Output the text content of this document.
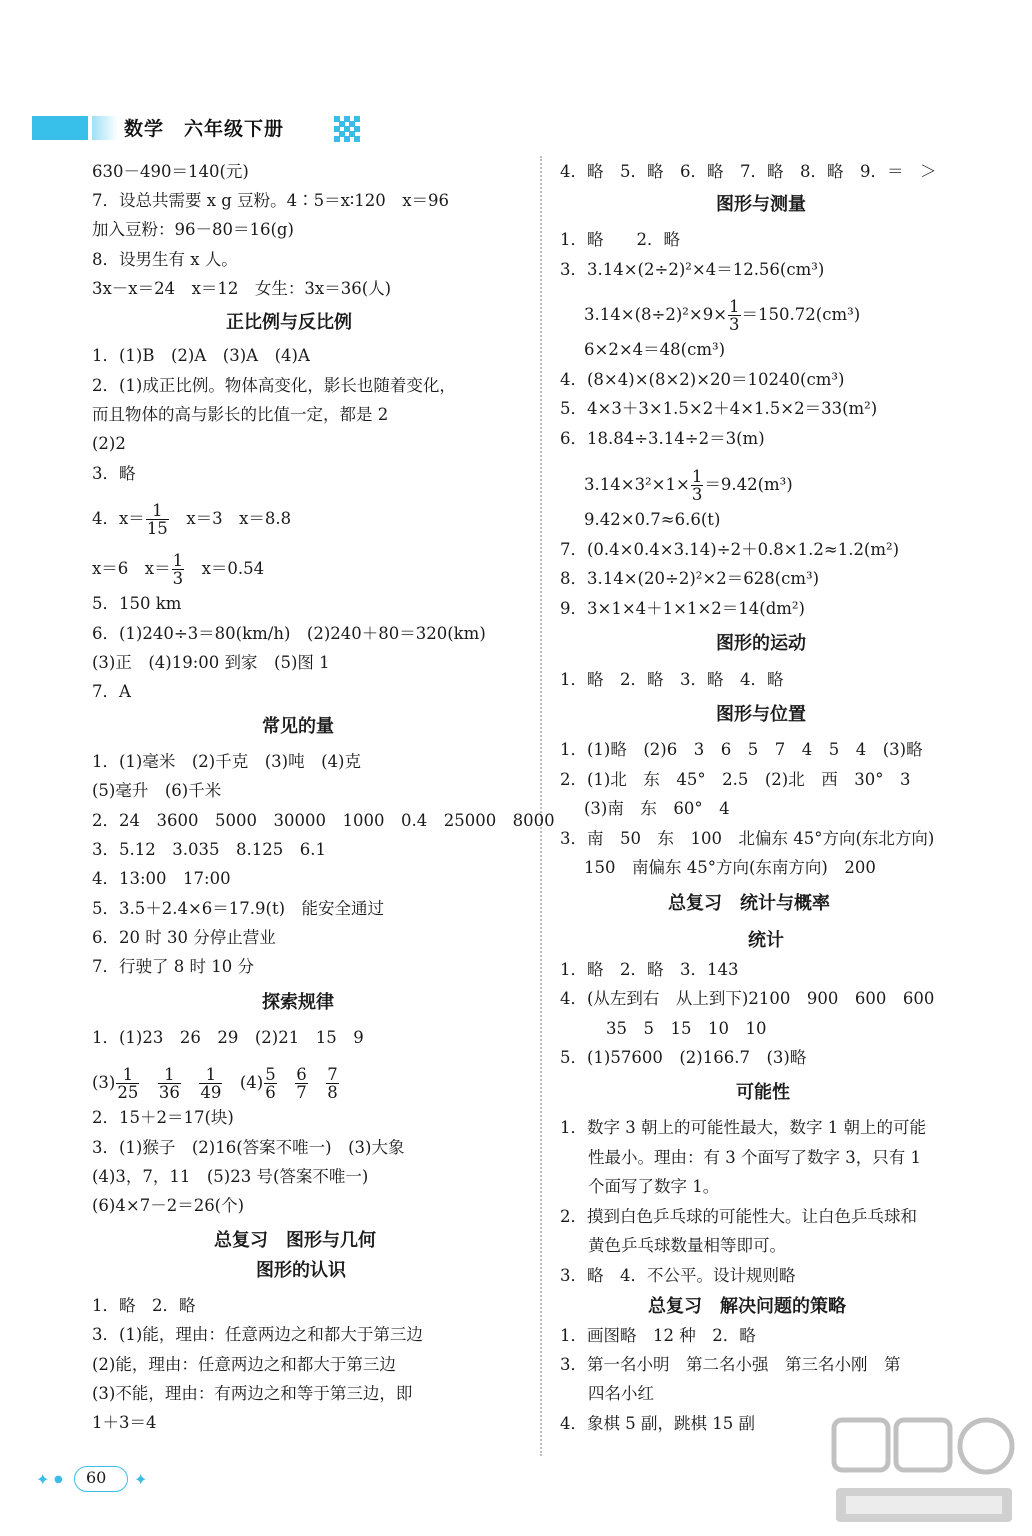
数学　六年级下册
630－490＝140(元)
7．设总共需要 x g 豆粉。4∶5＝x∶120　x＝96
加入豆粉：96－80＝16(g)
8．设男生有 x 人。
3x－x＝24　x＝12　女生：3x＝36(人)
正比例与反比例
1．(1)B　(2)A　(3)A　(4)A
2．(1)成正比例。物体高变化，影长也随着变化，
而且物体的高与影长的比值一定，都是 2
(2)2
3．略
4．$x= \frac{1}{15}$ 　x＝3　x＝8.8
x＝6　$x= \frac{1}{3}$ 　x＝0.54
5．150 km
6．(1)240÷3＝80(km/h)　(2)240＋80＝320(km)
(3)正　(4)19:00 到家　(5)图 1
7．A
常见的量
1．(1)毫米　(2)千克　(3)吨　(4)克
(5)毫升　(6)千米
2．24　3600　5000　30000　1000　0.4　25000　8000
3．5.12　3.035　8.125　6.1
4．13:00　17:00
5．3.5＋2.4×6＝17.9(t)　能安全通过
6．20 时 30 分停止营业
7．行驶了 8 时 10 分
探索规律
1．(1)23　26　29　(2)21　15　9
$(3) \frac{1}{25}$
　 $\frac{1}{36}$
　 $\frac{1}{49}$
　 $(4) \frac{5}{6}$
　 $\frac{6}{7}$
　 $\frac{7}{8}$
2．15＋2＝17(块)
3．(1)猴子　(2)16(答案不唯一)　(3)大象
(4)3，7，11　(5)23 号(答案不唯一)
(6)4×7－2＝26(个)
总复习　图形与几何
图形的认识
1．略　2．略
3．(1)能，理由：任意两边之和都大于第三边
(2)能，理由：任意两边之和都大于第三边
(3)不能，理由：有两边之和等于第三边，即
1＋3＝4
4．略　5．略　6．略　7．略　8．略　9．＝　＞
图形与测量
1．略　　2．略
3．3.14×(2÷2)²×4＝12.56(cm³)
$3.14\times(8\div 2)^2\times 9\times \frac{1}{3} =150.72(cm^3)$
6×2×4＝48(cm³)
4．(8×4)×(8×2)×20＝10240(cm³)
5．4×3＋3×1.5×2＋4×1.5×2＝33(m²)
6．18.84÷3.14÷2＝3(m)
$3.14\times 3^2\times 1\times \frac{1}{3} =9.42(m^3)$
9.42×0.7≈6.6(t)
7．(0.4×0.4×3.14)÷2＋0.8×1.2≈1.2(m²)
8．3.14×(20÷2)²×2＝628(cm³)
9．3×1×4＋1×1×2＝14(dm²)
图形的运动
1．略　2．略　3．略　4．略
图形与位置
1．(1)略　(2)6　3　6　5　7　4　5　4　(3)略
2．(1)北　东　45°　2.5　(2)北　西　30°　3
(3)南　东　60°　4
3．南　50　东　100　北偏东 45°方向(东北方向)
150　南偏东 45°方向(东南方向)　200
总复习　统计与概率
统计
1．略　2．略　3．143
4．(从左到右　从上到下)2100　900　600　600
35　5　15　10　10
5．(1)57600　(2)166.7　(3)略
可能性
1．数字 3 朝上的可能性最大，数字 1 朝上的可能
性最小。理由：有 3 个面写了数字 3，只有 1
个面写了数字 1。
2．摸到白色乒乓球的可能性大。让白色乒乓球和
黄色乒乓球数量相等即可。
3．略　4．不公平。设计规则略
总复习　解决问题的策略
1．画图略　12 种　2．略
3．第一名小明　第二名小强　第三名小刚　第
四名小红
4．象棋 5 副，跳棋 15 副
✦ ● 60 ✦
